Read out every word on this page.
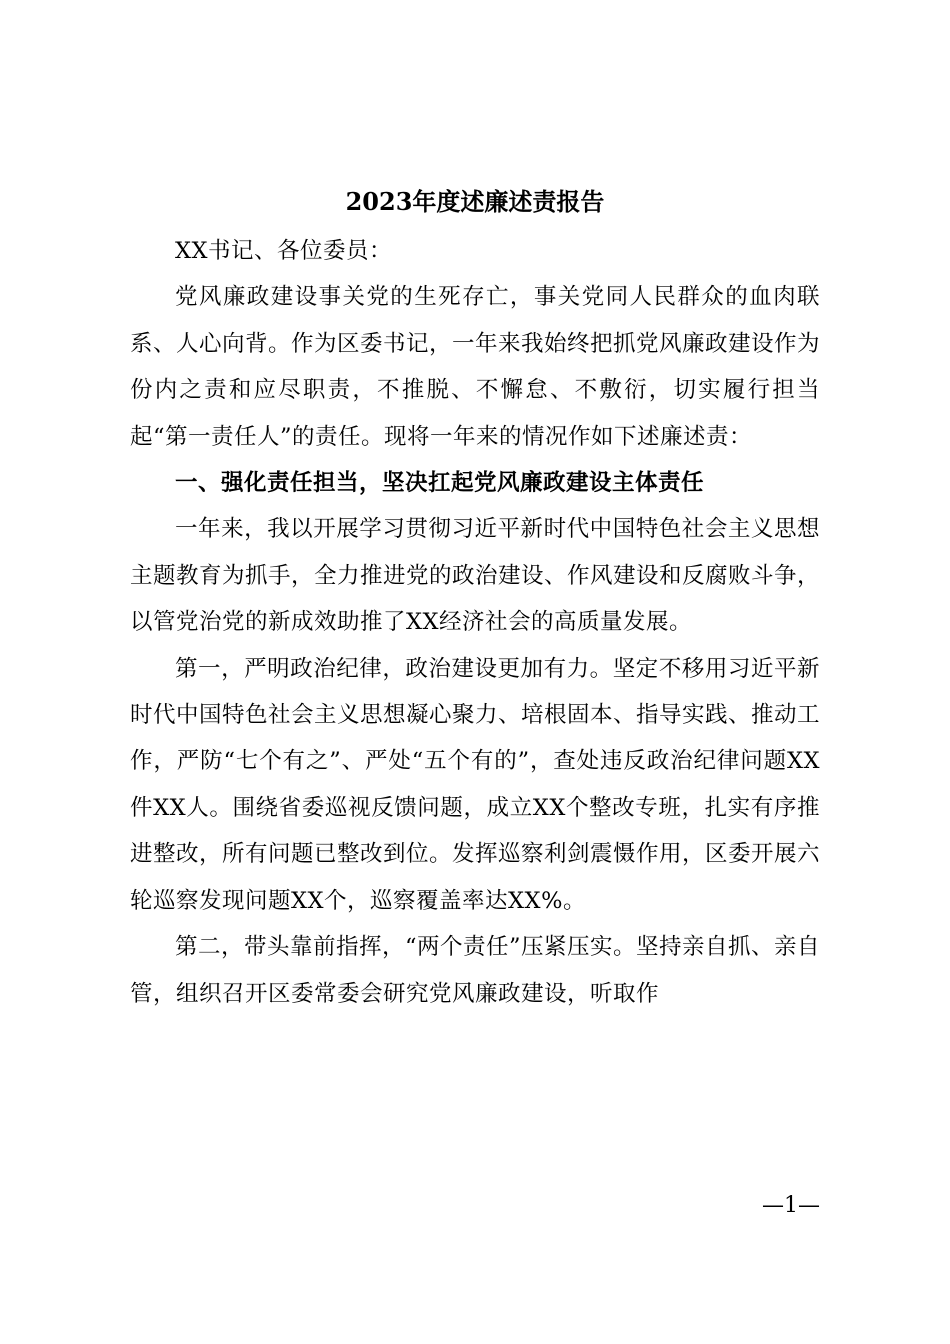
2023年度述廉述责报告

XX书记、各位委员：

党风廉政建设事关党的生死存亡，事关党同人民群众的血肉联系、人心向背。作为区委书记，一年来我始终把抓党风廉政建设作为份内之责和应尽职责，不推脱、不懈怠、不敷衍，切实履行担当起“第一责任人”的责任。现将一年来的情况作如下述廉述责：

一、强化责任担当，坚决扛起党风廉政建设主体责任

一年来，我以开展学习贯彻习近平新时代中国特色社会主义思想主题教育为抓手，全力推进党的政治建设、作风建设和反腐败斗争，以管党治党的新成效助推了XX经济社会的高质量发展。

第一，严明政治纪律，政治建设更加有力。坚定不移用习近平新时代中国特色社会主义思想凝心聚力、培根固本、指导实践、推动工作，严防“七个有之”、严处“五个有的”，查处违反政治纪律问题XX件XX人。围绕省委巡视反馈问题，成立XX个整改专班，扎实有序推进整改，所有问题已整改到位。发挥巡察利剑震慑作用，区委开展六轮巡察发现问题XX个，巡察覆盖率达XX%。

第二，带头靠前指挥，“两个责任”压紧压实。坚持亲自抓、亲自管，组织召开区委常委会研究党风廉政建设，听取作

—1—
